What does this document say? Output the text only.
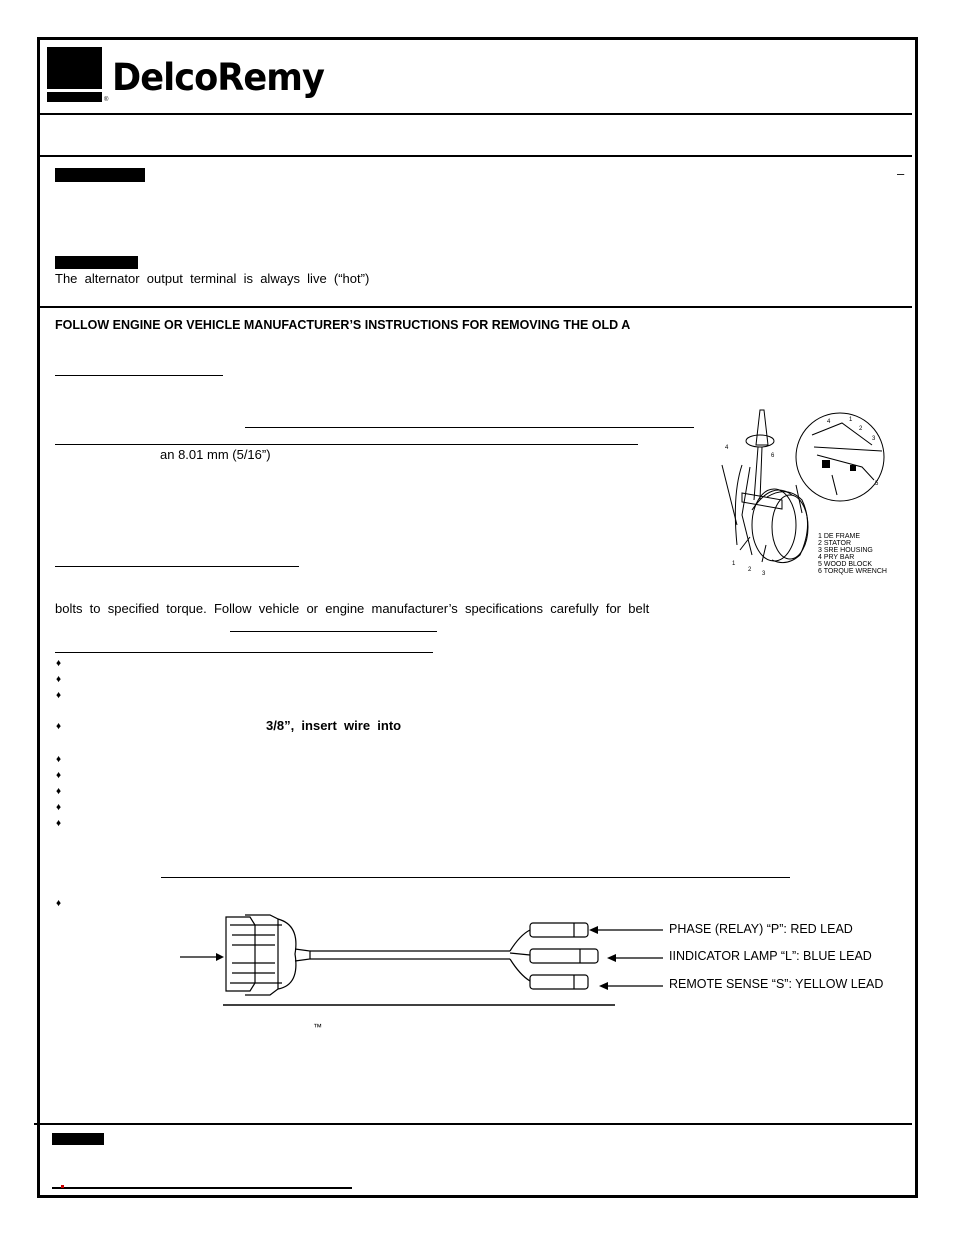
DelcoRemy
®
–
The  alternator  output  terminal  is  always  live  (“hot”)
FOLLOW ENGINE OR VEHICLE MANUFACTURER’S INSTRUCTIONS FOR REMOVING THE OLD A
an 8.01 mm (5/16”)
bolts  to  specified  torque.  Follow  vehicle  or  engine  manufacturer’s  specifications  carefully  for  belt
♦
♦
♦
♦	3/8”,  insert  wire  into
♦
♦
♦
♦
♦
♦
1
2
3
4
6
4	1
2
3
5
1 DE FRAME
2 STATOR
3 SRE HOUSING
4 PRY BAR
5 WOOD BLOCK
6 TORQUE WRENCH
PHASE (RELAY) “P”: RED LEAD
IINDICATOR LAMP “L”: BLUE LEAD
REMOTE SENSE “S”: YELLOW LEAD
™
